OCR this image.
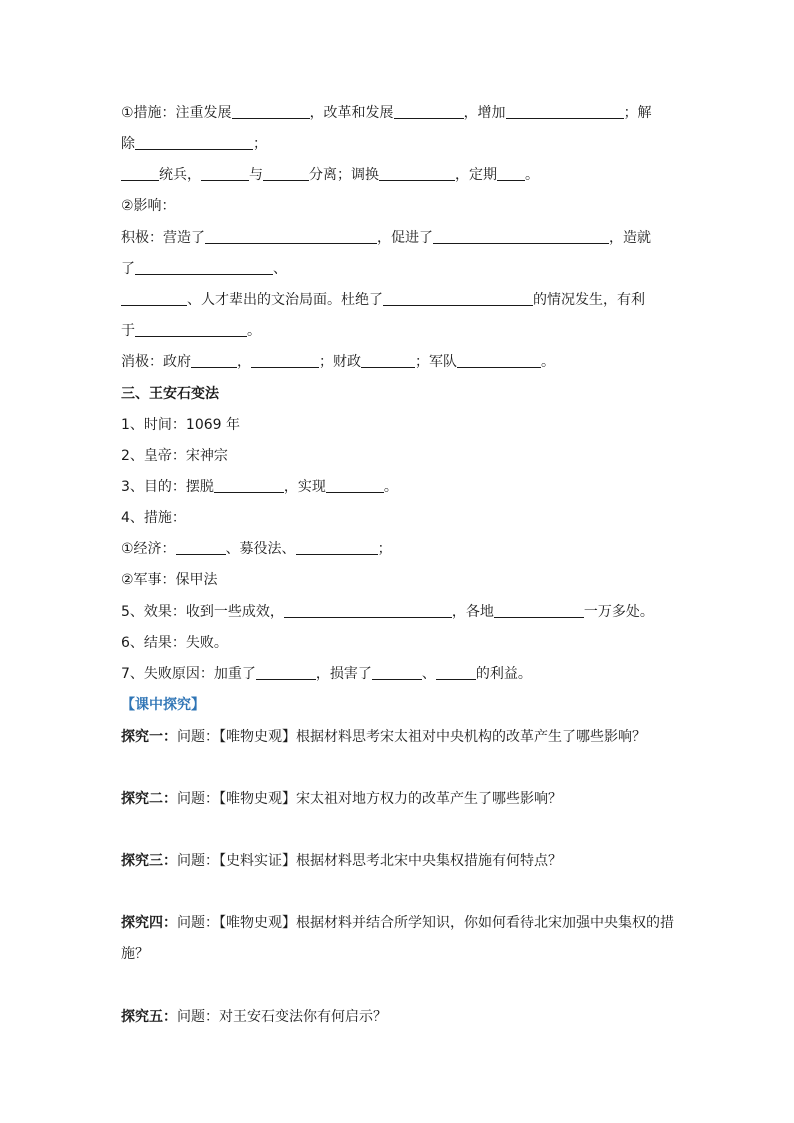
①措施：注重发展	，改革和发展	，增加	；解
除	；
统兵，	与	分离；调换	，定期 。
②影响：
积极：营造了	，促进了	，造就
了	、
、人才辈出的文治局面。杜绝了	的情况发生，有利
于	。
消极：政府	，	；财政	；军队	。
三、王安石变法
1、时间：1069 年
2、皇帝：宋神宗
3、目的：摆脱	，实现	。
4、措施：
①经济：	、募役法、	；
②军事：保甲法
5、效果：收到一些成效，	，各地	一万多处。
6、结果：失败。
7、失败原因：加重了	，损害了	、	的利益。
【课中探究】
探究一：问题：【唯物史观】根据材料思考宋太祖对中央机构的改革产生了哪些影响？
探究二：问题：【唯物史观】宋太祖对地方权力的改革产生了哪些影响？
探究三：问题：【史料实证】根据材料思考北宋中央集权措施有何特点？
探究四：问题：【唯物史观】根据材料并结合所学知识，你如何看待北宋加强中央集权的措
施？
探究五：问题：对王安石变法你有何启示？
